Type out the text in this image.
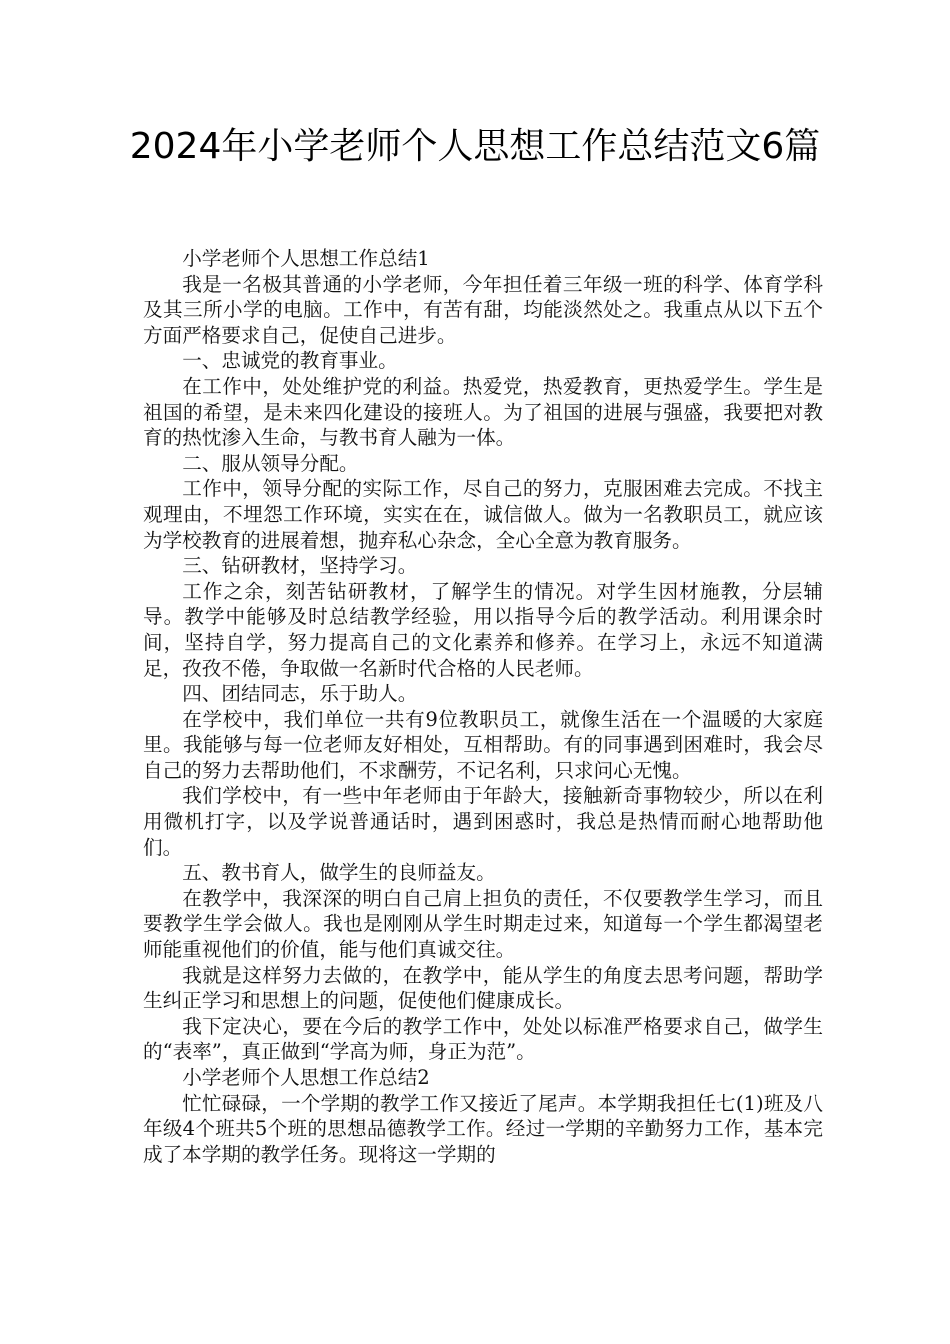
2024年小学老师个人思想工作总结范文6篇

小学老师个人思想工作总结1

我是一名极其普通的小学老师，今年担任着三年级一班的科学、体育学科及其三所小学的电脑。工作中，有苦有甜，均能淡然处之。我重点从以下五个方面严格要求自己，促使自己进步。

一、忠诚党的教育事业。

在工作中，处处维护党的利益。热爱党，热爱教育，更热爱学生。学生是祖国的希望，是未来四化建设的接班人。为了祖国的进展与强盛，我要把对教育的热忱渗入生命，与教书育人融为一体。

二、服从领导分配。

工作中，领导分配的实际工作，尽自己的努力，克服困难去完成。不找主观理由，不埋怨工作环境，实实在在，诚信做人。做为一名教职员工，就应该为学校教育的进展着想，抛弃私心杂念，全心全意为教育服务。

三、钻研教材，坚持学习。

工作之余，刻苦钻研教材，了解学生的情况。对学生因材施教，分层辅导。教学中能够及时总结教学经验，用以指导今后的教学活动。利用课余时间，坚持自学，努力提高自己的文化素养和修养。在学习上，永远不知道满足，孜孜不倦，争取做一名新时代合格的人民老师。

四、团结同志，乐于助人。

在学校中，我们单位一共有9位教职员工，就像生活在一个温暖的大家庭里。我能够与每一位老师友好相处，互相帮助。有的同事遇到困难时，我会尽自己的努力去帮助他们，不求酬劳，不记名利，只求问心无愧。

我们学校中，有一些中年老师由于年龄大，接触新奇事物较少，所以在利用微机打字，以及学说普通话时，遇到困惑时，我总是热情而耐心地帮助他们。

五、教书育人，做学生的良师益友。

在教学中，我深深的明白自己肩上担负的责任，不仅要教学生学习，而且要教学生学会做人。我也是刚刚从学生时期走过来，知道每一个学生都渴望老师能重视他们的价值，能与他们真诚交往。

我就是这样努力去做的，在教学中，能从学生的角度去思考问题，帮助学生纠正学习和思想上的问题，促使他们健康成长。

我下定决心，要在今后的教学工作中，处处以标准严格要求自己，做学生的“表率”，真正做到“学高为师，身正为范”。

小学老师个人思想工作总结2

忙忙碌碌，一个学期的教学工作又接近了尾声。本学期我担任七(1)班及八年级4个班共5个班的思想品德教学工作。经过一学期的辛勤努力工作，基本完成了本学期的教学任务。现将这一学期的
